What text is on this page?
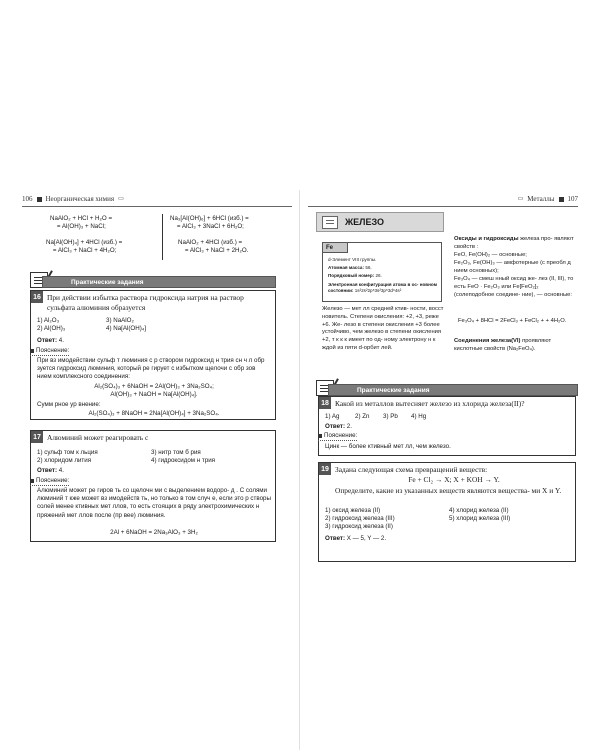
106 Неорганическая химия ▭
NaAlO₂ + HCl + H₂O =
= Al(OH)₃ + NaCl;
Na[Al(OH)₄] + 4HCl (изб.) =
= AlCl₃ + NaCl + 4H₂O;
Na₃[Al(OH)₆] + 6HCl (изб.) =
= AlCl₃ + 3NaCl + 6H₂O;
NaAlO₂ + 4HCl (изб.) =
= AlCl₃ + NaCl + 2H₂O.
Практические задания
16 При действии избытка раствора гидроксида натрия на раствор сульфата алюминия образуется
1) Al₂O₃	3) NaAlO₂
2) Al(OH)₃	4) Na[Al(OH)₄]
Ответ: 4.
Пояснение:
При вз имодействии сульф т люминия с р створом гидроксид н трия сн ч л обр зуется гидроксид люминия, который ре гирует с избытком щелочи с обр зов нием комплексного соединения:
Al₂(SO₄)₃ + 6NaOH = 2Al(OH)₃ + 3Na₂SO₄;
Al(OH)₃ + NaOH = Na[Al(OH)₄].
Сумм рное ур внение:
Al₂(SO₄)₃ + 8NaOH = 2Na[Al(OH)₄] + 3Na₂SO₄.
17 Алюминий может реагировать с
1) сульф том к льция	3) нитр том б рия
2) хлоридом лития	4) гидроксидом н трия
Ответ: 4.
Пояснение:
Алюминий может ре гиров ть со щелочн ми с выделением водоро- д . С солями люминий т кже может вз имодейств ть, но только в том случ е, если это р створы солей менее ктивных мет ллов, то есть стоящих в ряду электрохимических н пряжений мет ллов после (пр вее) люминия.
2Al + 6NaOH = 2Na₃AlO₃ + 3H₂
▭ Металлы 107
ЖЕЛЕЗО
Fe
d-Элемент VIII группы.
Атомная масса: 56.
Порядковый номер: 26.
Электронная конфигурация атома в ос- новном состоянии: 1s²2s²2p⁶3s²3p⁶3d⁶4s²
Железо — мет лл средней ктив- ности, восст новитель. Степени окисления: +2, +3, реже +6. Же- лезо в степени окисления +3 более устойчиво, чем железо в степени окисления +2, т к к к имеет по од- ному электрону н к ждой из пяти d-орбит лей.
Оксиды и гидроксиды железа про- являют свойств :
FeO, Fe(OH)₂ — основные;
Fe₂O₃, Fe(OH)₃ — амфотерные (с преобл д нием основных);
Fe₃O₄ — смеш нный оксид же- лез (II, III), то есть FeO · Fe₂O₃ или Fe[FeO₂]₂ (солеподобное соедине- ние), — основные:
Fe₃O₄ + 8HCl = 2FeCl₃ + FeCl₂ + + 4H₂O.
Соединения железа(VI) проявляют кислотные свойств (Na₂FeO₄).
Практические задания
18 Какой из металлов вытесняет железо из хлорида железа(II)?
1) Ag	2) Zn 3) Pb 4) Hg
Ответ: 2.
Пояснение:
Цинк — более ктивный мет лл, чем железо.
19 Задана следующая схема превращений веществ:
Fe + Cl₂ → X; X + KOH → Y.
Определите, какие из указанных веществ являются вещества- ми X и Y.
1) оксид железа (II)	4) хлорид железа (II)
2) гидроксид железа (III)	5) хлорид железа (III)
3) гидроксид железа (II)
Ответ: X — 5, Y — 2.
